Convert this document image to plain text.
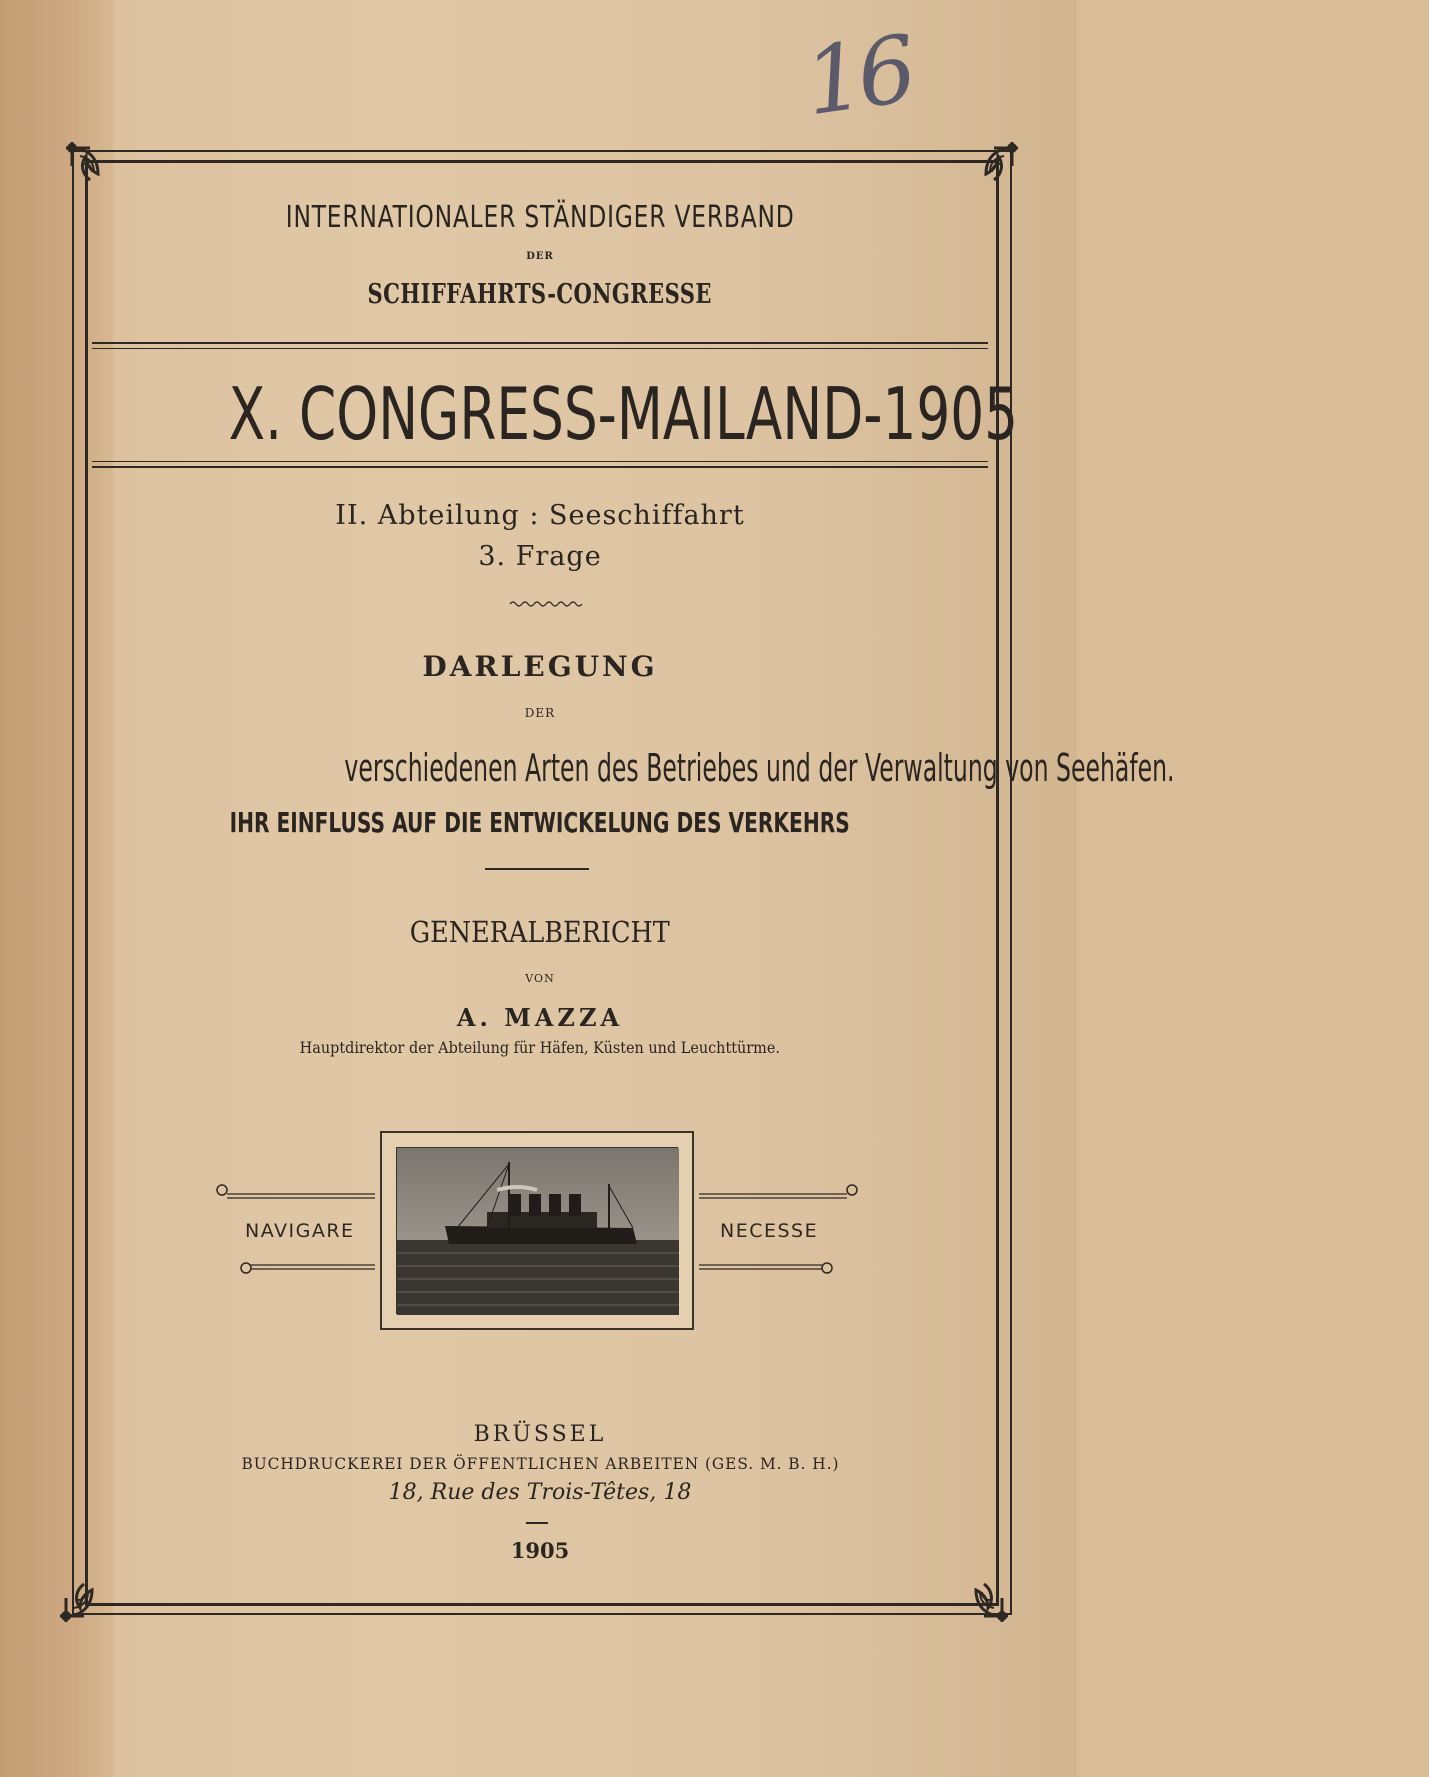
16
INTERNATIONALER STÄNDIGER VERBAND
DER
SCHIFFAHRTS-CONGRESSE
X. CONGRESS-MAILAND-1905
II. Abteilung : Seeschiffahrt
3. Frage
DARLEGUNG
DER
verschiedenen Arten des Betriebes und der Verwaltung von Seehäfen.
IHR EINFLUSS AUF DIE ENTWICKELUNG DES VERKEHRS
GENERALBERICHT
VON
A. MAZZA
Hauptdirektor der Abteilung für Häfen, Küsten und Leuchttürme.
NAVIGARE	NECESSE
BRÜSSEL
BUCHDRUCKEREI DER ÖFFENTLICHEN ARBEITEN (GES. M. B. H.)
18, Rue des Trois-Têtes, 18
1905
